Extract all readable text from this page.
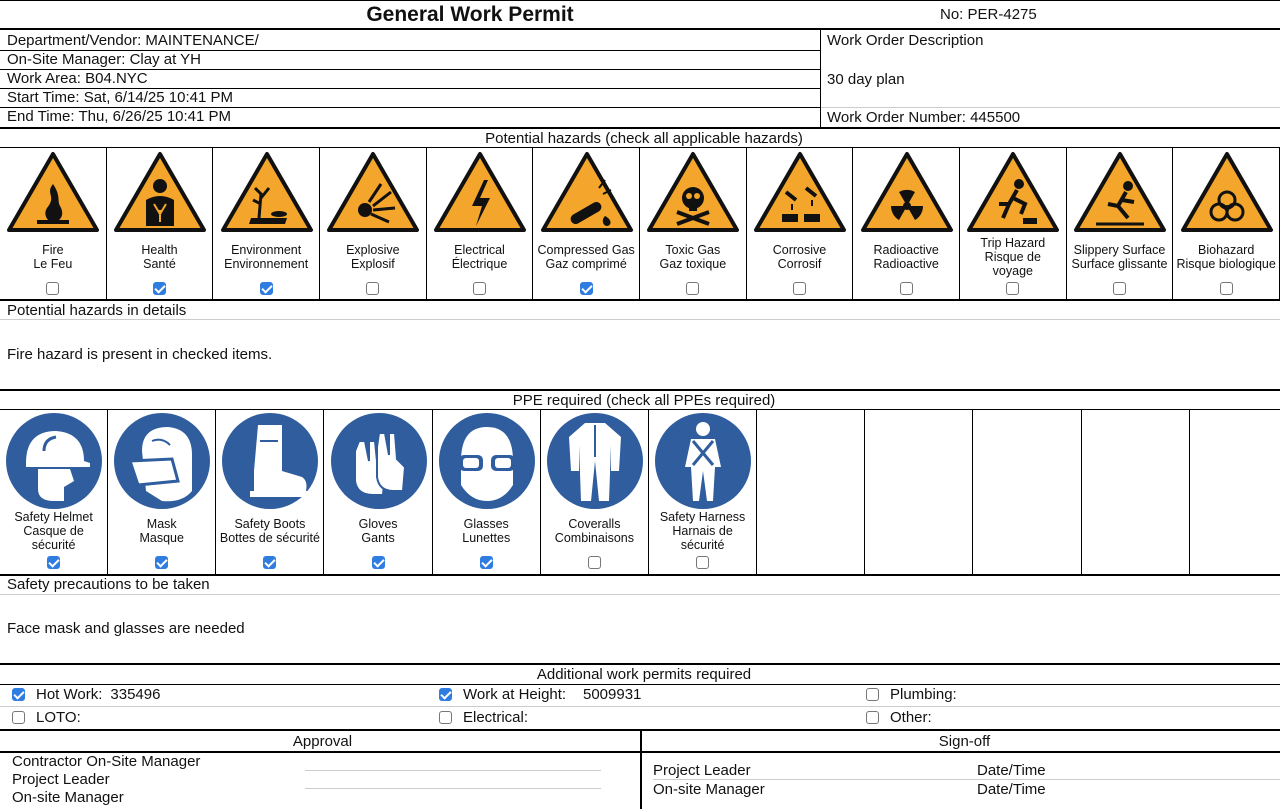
General Work Permit	No: PER-4275
Department/Vendor: MAINTENANCE/
On-Site Manager: Clay at YH
Work Area: B04.NYC
Start Time: Sat, 6/14/25 10:41 PM
End Time: Thu, 6/26/25 10:41 PM
Work Order Description
30 day plan
Work Order Number: 445500
Potential hazards (check all applicable hazards)
Fire
Le Feu
Health
Santé
Environment
Environnement
Explosive
Explosif
Electrical
Électrique
Compressed Gas
Gaz comprimé
Toxic Gas
Gaz toxique
Corrosive
Corrosif
Radioactive
Radioactive
Trip Hazard
Risque de
voyage
Slippery Surface
Surface glissante
Biohazard
Risque biologique
Potential hazards in details
Fire hazard is present in checked items.
PPE required (check all PPEs required)
Safety Helmet
Casque de
sécurité
Mask
Masque
Safety Boots
Bottes de sécurité
Gloves
Gants
Glasses
Lunettes
Coveralls
Combinaisons
Safety Harness
Harnais de
sécurité
Safety precautions to be taken
Face mask and glasses are needed
Additional work permits required
Hot Work: 335496	Work at Height: 5009931	Plumbing:
LOTO:	Electrical:	Other:
Approval	Sign-off
Contractor On-Site Manager
Project Leader
On-site Manager
Project Leader	Date/Time
On-site Manager	Date/Time
